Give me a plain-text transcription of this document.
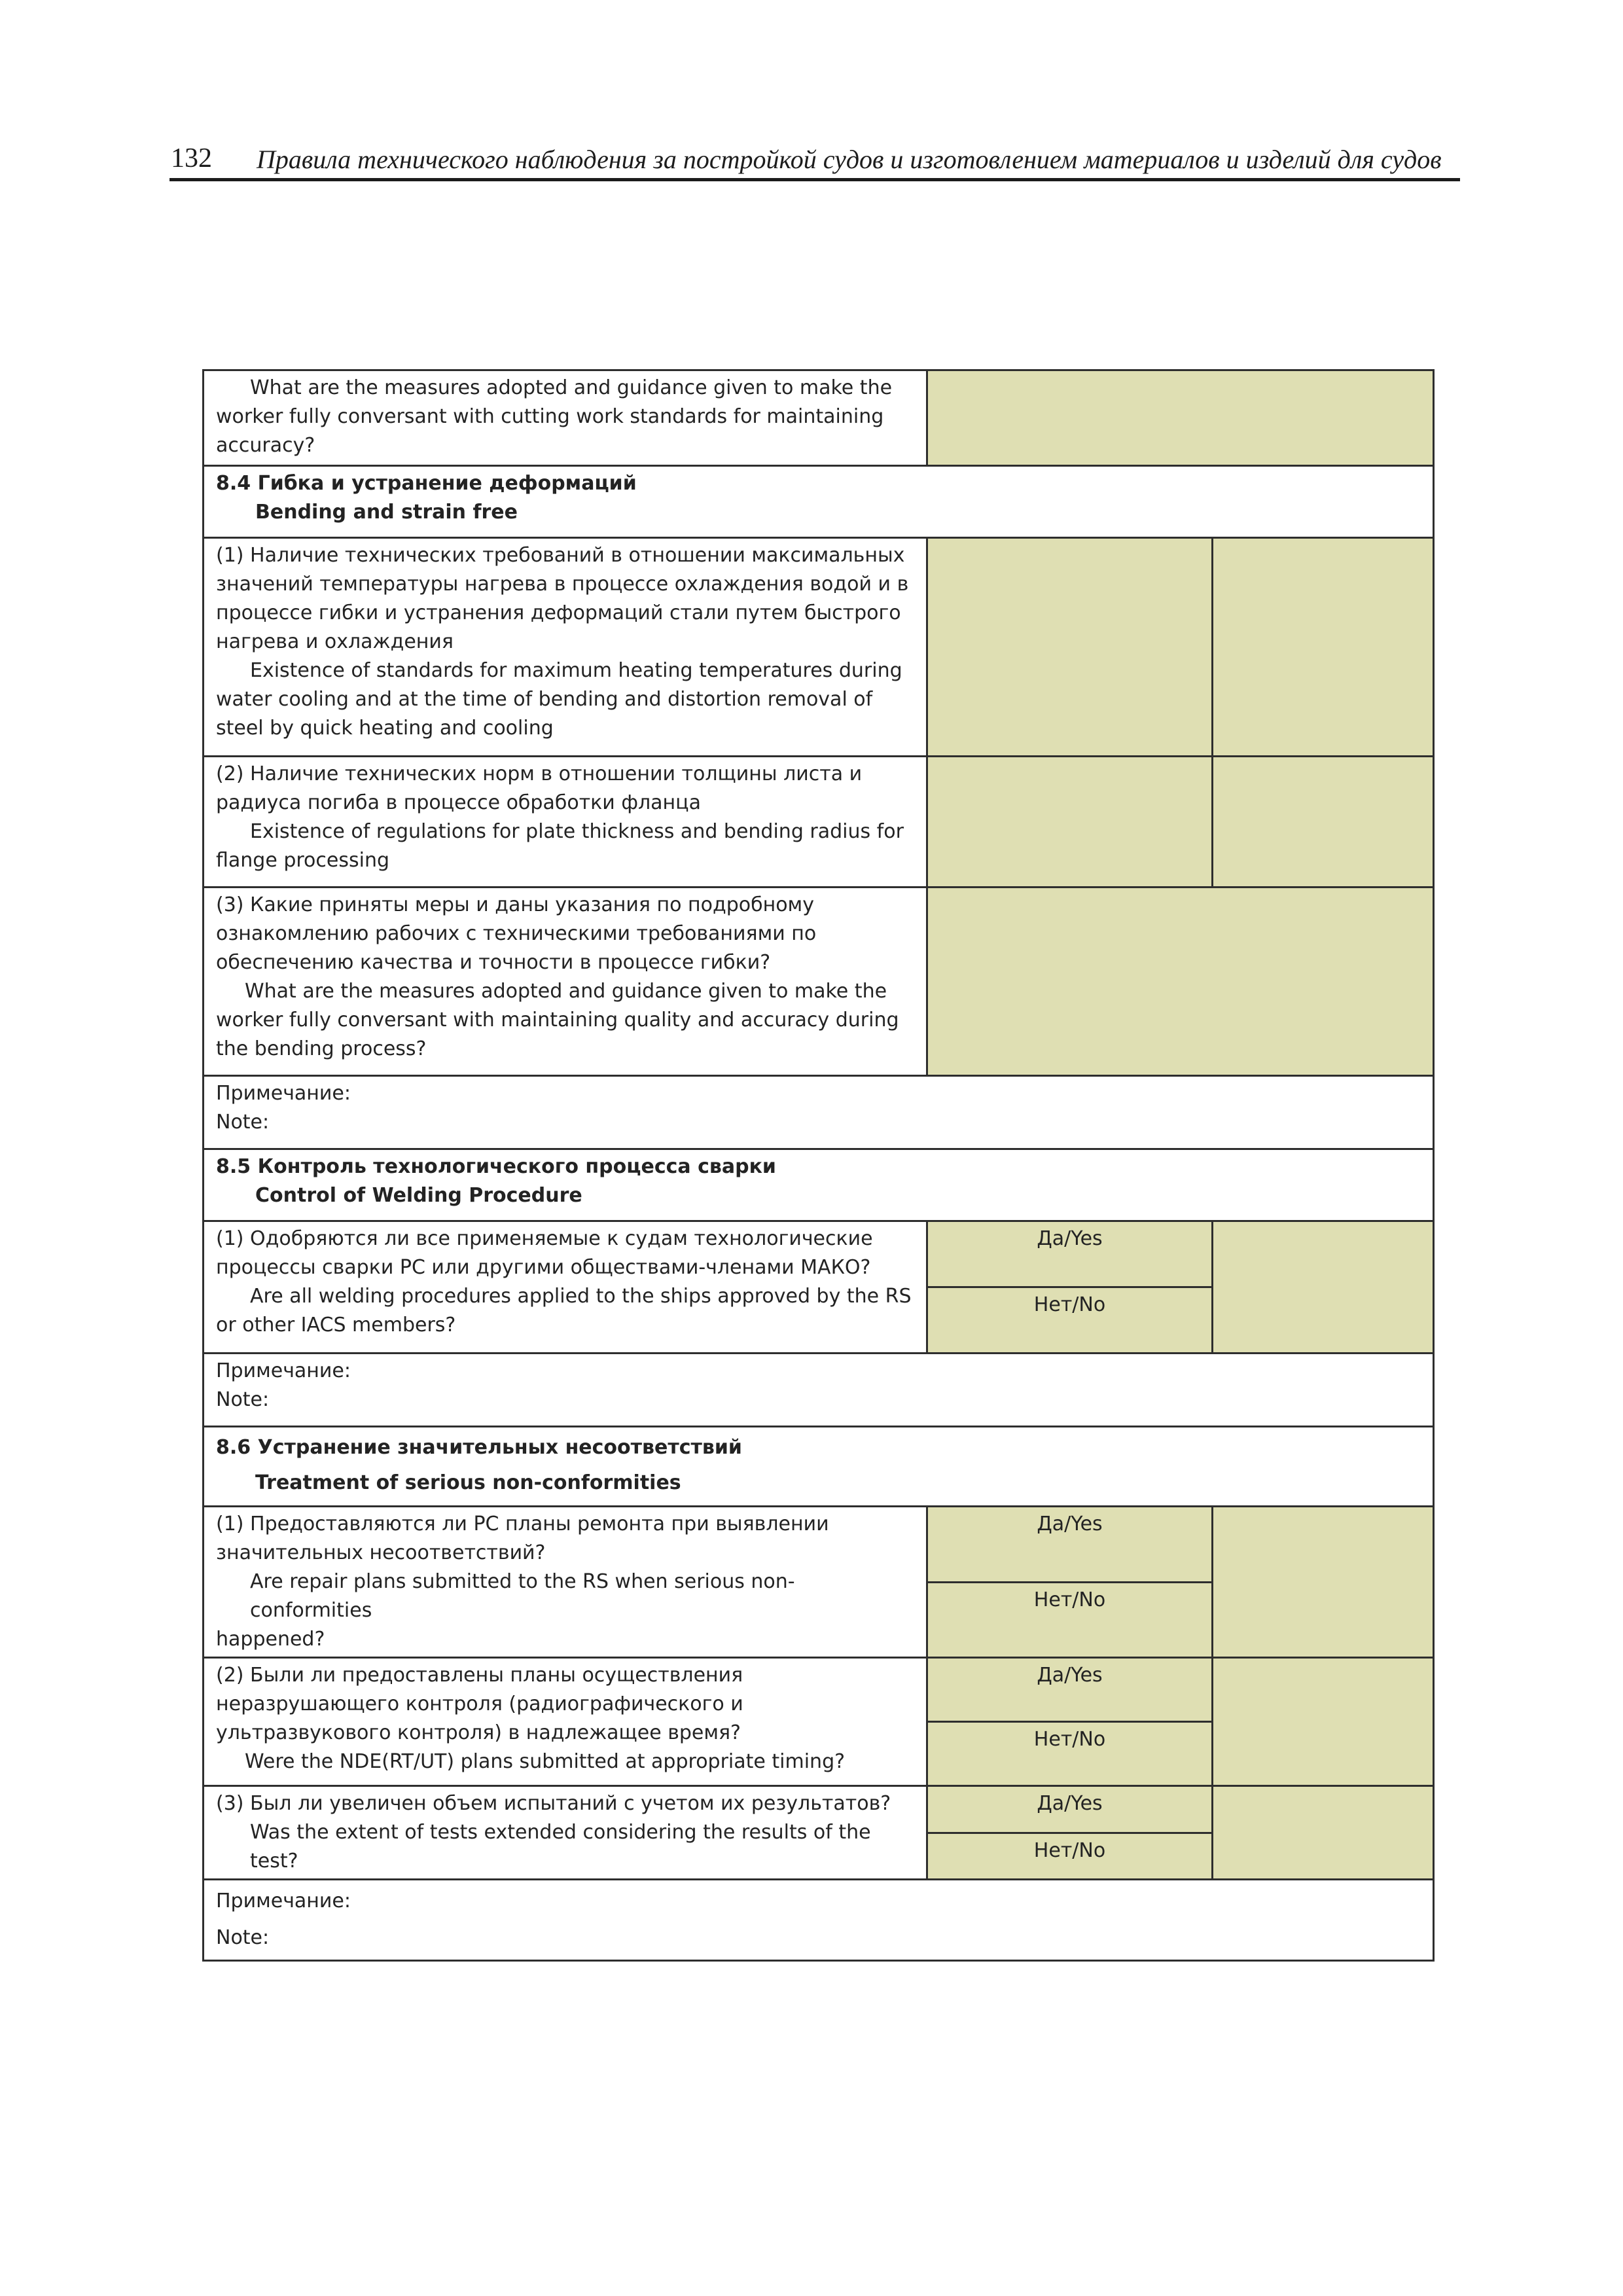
132 Правила технического наблюдения за постройкой судов и изготовлением материалов и изделий для судов
What are the measures adopted and guidance given to make the
worker fully conversant with cutting work standards for maintaining accuracy?		

8.4 Гибка и устранение деформаций
Bending and strain free		

(1) Наличие технических требований в отношении максимальных значений температуры нагрева в процессе охлаждения водой и в процессе гибки и устранения деформаций стали путем быстрого нагрева и охлаждения
Existence of standards for maximum heating temperatures during
water cooling and at the time of bending and distortion removal of steel by quick heating and cooling		

(2) Наличие технических норм в отношении толщины листа и радиуса погиба в процессе обработки фланца
Existence of regulations for plate thickness and bending radius for
flange processing		

(3) Какие приняты меры и даны указания по подробному ознакомлению рабочих с техническими требованиями по обеспечению качества и точности в процессе гибки?
What are the measures adopted and guidance given to make the
worker fully conversant with maintaining quality and accuracy during the bending process?		

Примечание:
Note:		

8.5 Контроль технологического процесса сварки
Control of Welding Procedure		

(1) Одобряются ли все применяемые к судам технологические процессы сварки РС или другими обществами-членами МАКО?
Are all welding procedures applied to the ships approved by the RS
or other IACS members?	Да/Yes	
	Нет/No	

Примечание:
Note:		

8.6 Устранение значительных несоответствий
Treatment of serious non-conformities		

(1) Предоставляются ли РС планы ремонта при выявлении значительных несоответствий?
Are repair plans submitted to the RS when serious non-conformities
happened?	Да/Yes	
	Нет/No	

(2) Были ли предоставлены планы осуществления неразрушающего контроля (радиографического и ультразвукового контроля) в надлежащее время?
Were the NDE(RT/UT) plans submitted at appropriate timing?	Да/Yes	
	Нет/No	

(3) Был ли увеличен объем испытаний с учетом их результатов?
Was the extent of tests extended considering the results of the test?	Да/Yes	
	Нет/No	

Примечание:
Note:		
